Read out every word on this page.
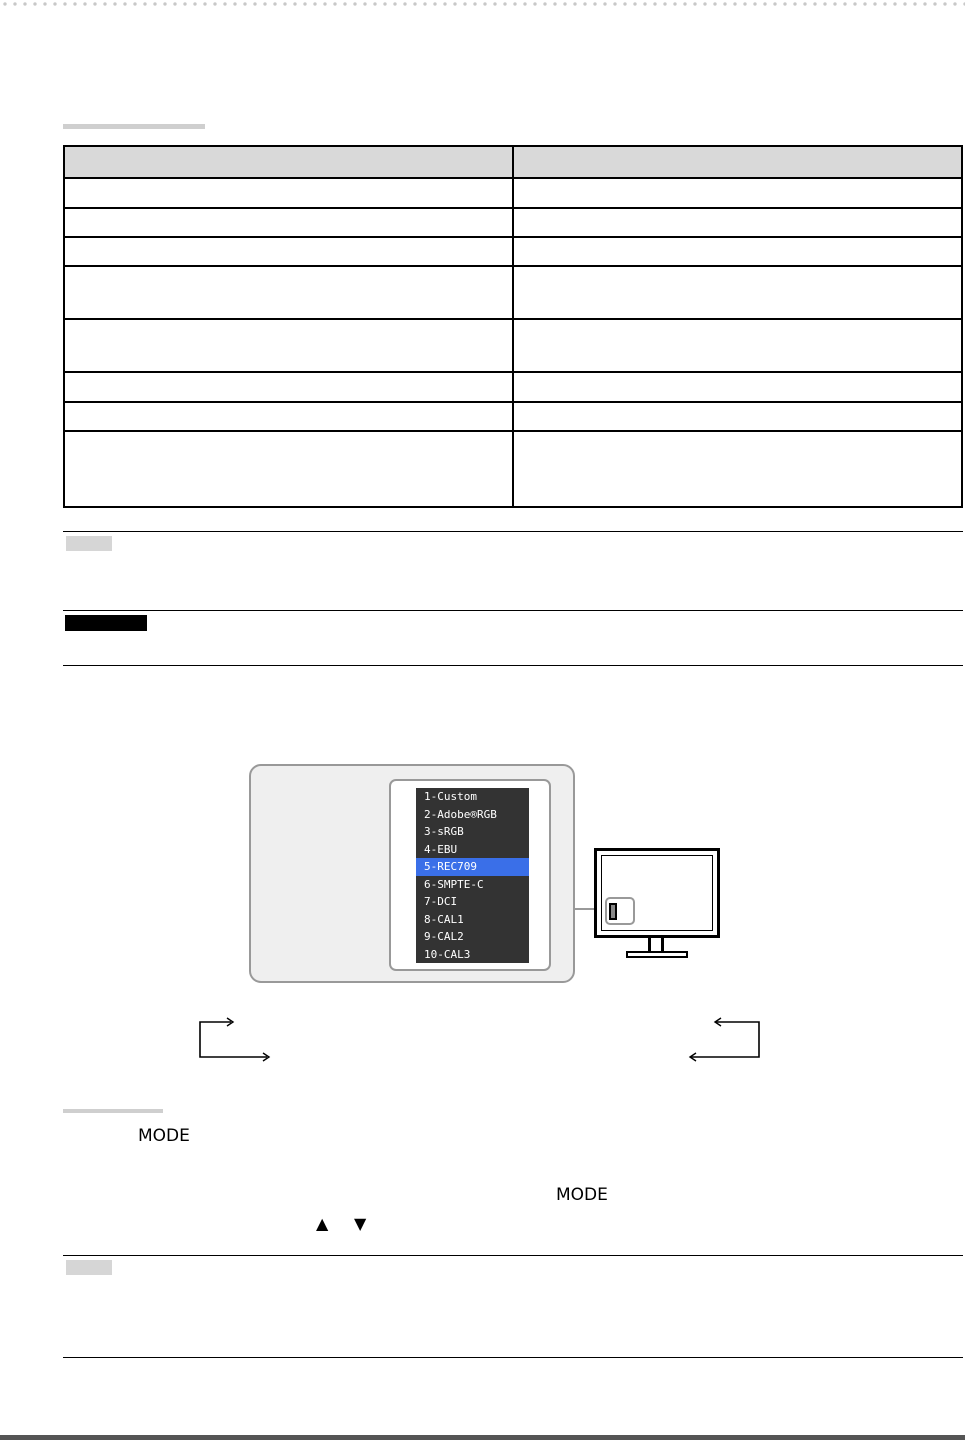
1-Custom
2-Adobe®RGB
3-sRGB
4-EBU
5-REC709
6-SMPTE-C
7-DCI
8-CAL1
9-CAL2
10-CAL3
MODE
MODE
▲ ▼
